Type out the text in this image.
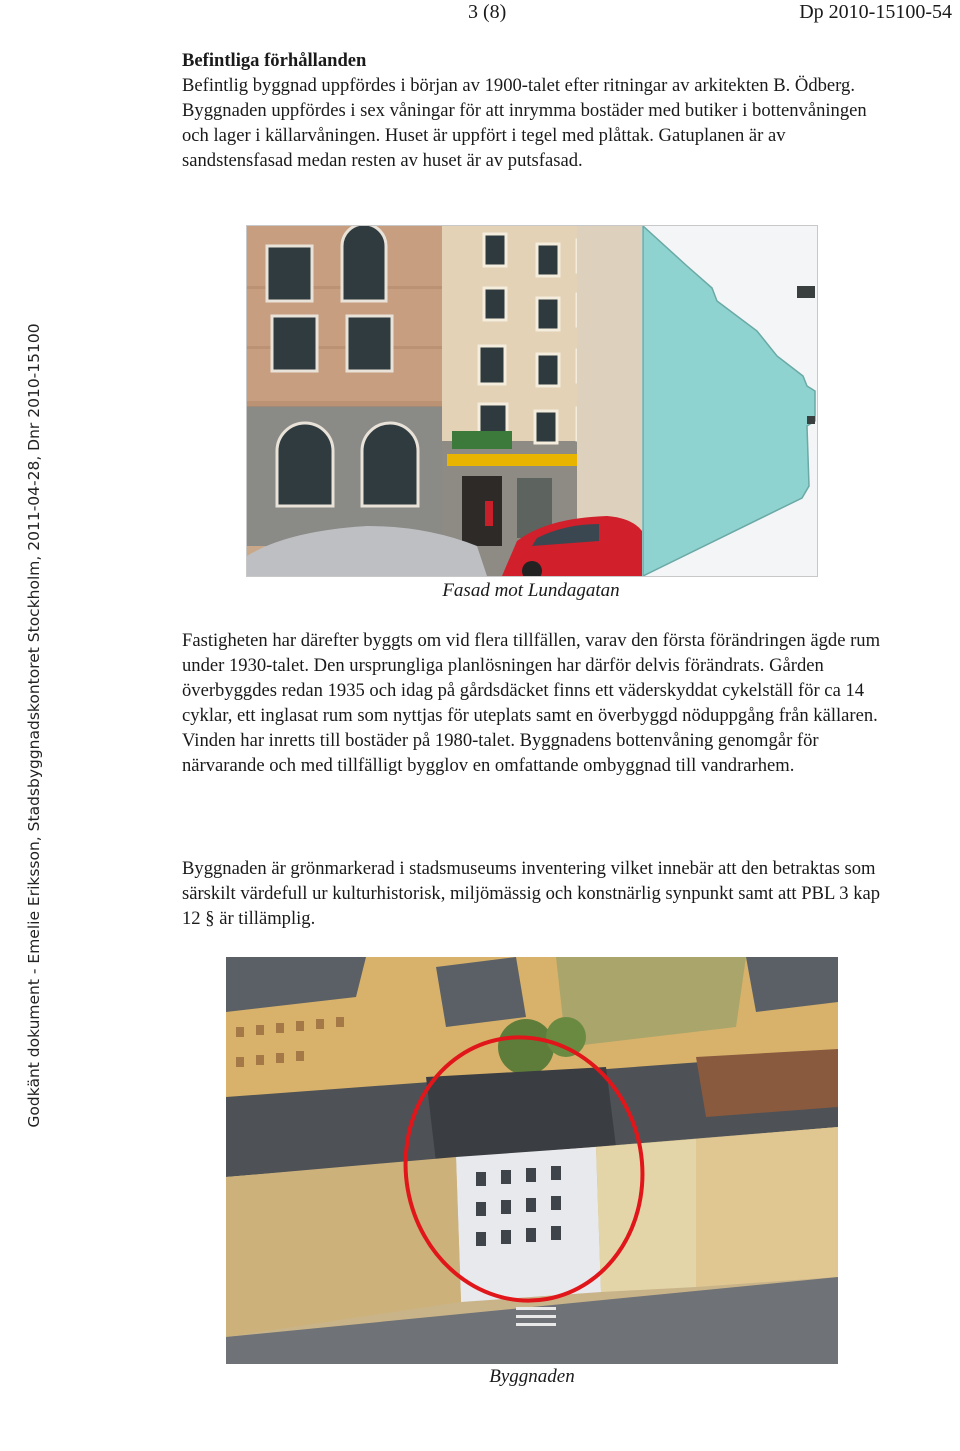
3 (8)	Dp 2010-15100-54
Godkänt dokument - Emelie Eriksson, Stadsbyggnadskontoret Stockholm, 2011-04-28, Dnr 2010-15100
Befintliga förhållanden
Befintlig byggnad uppfördes i början av 1900-talet efter ritningar av arkitekten B. Ödberg. Byggnaden uppfördes i sex våningar för att inrymma bostäder med butiker i bottenvåningen och lager i källarvåningen. Huset är uppfört i tegel med plåttak. Gatuplanen är av sandstensfasad medan resten av huset är av putsfasad.
Fasad mot Lundagatan
Fastigheten har därefter byggts om vid flera tillfällen, varav den första förändringen ägde rum under 1930-talet. Den ursprungliga planlösningen har därför delvis förändrats. Gården överbyggdes redan 1935 och idag på gårdsdäcket finns ett väderskyddat cykelställ för ca 14 cyklar, ett inglasat rum som nyttjas för uteplats samt en överbyggd nöduppgång från källaren. Vinden har inretts till bostäder på 1980-talet. Byggnadens bottenvåning genomgår för närvarande och med tillfälligt bygglov en omfattande ombyggnad till vandrarhem.
Byggnaden är grönmarkerad i stadsmuseums inventering vilket innebär att den betraktas som särskilt värdefull ur kulturhistorisk, miljömässig och konstnärlig synpunkt samt att PBL 3 kap 12 § är tillämplig.
Byggnaden
